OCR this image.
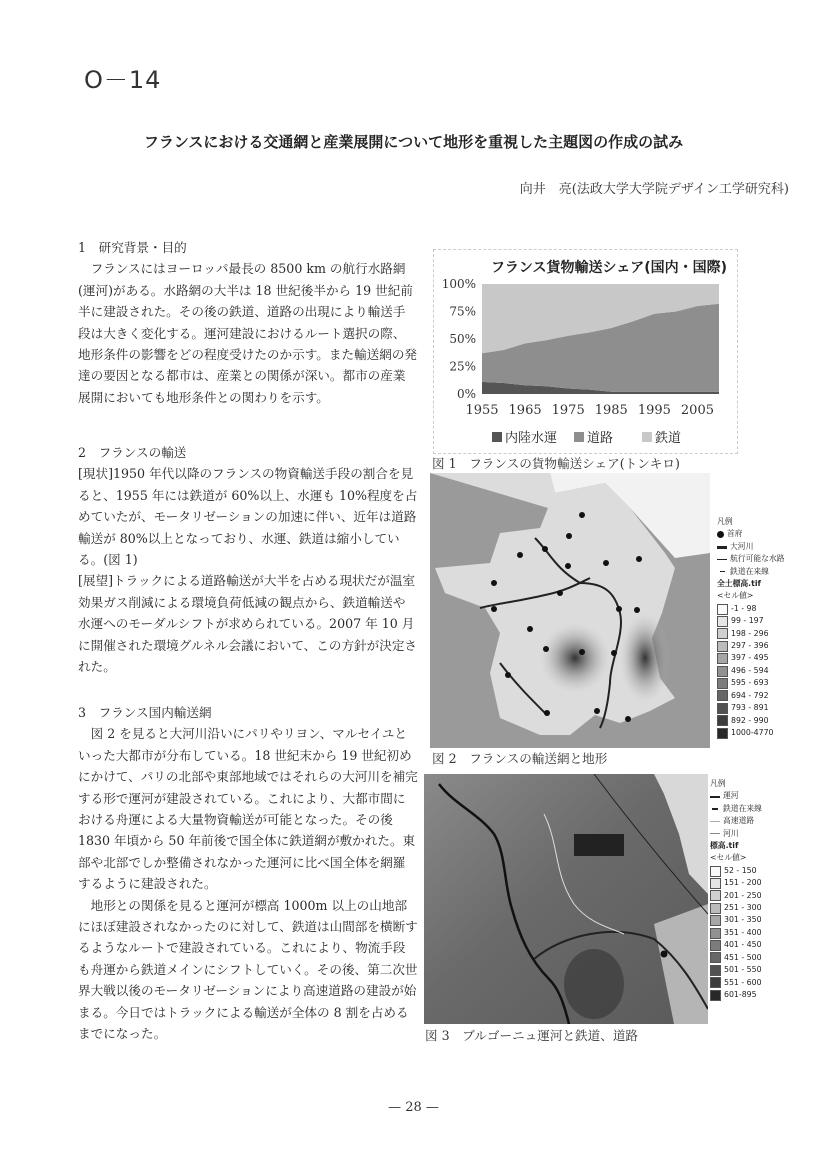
O－14
フランスにおける交通網と産業展開について地形を重視した主題図の作成の試み
向井　亮(法政大学大学院デザイン工学研究科)
1　研究背景・目的

フランスにはヨーロッパ最長の 8500 km の航行水路網(運河)がある。水路網の大半は 18 世紀後半から 19 世紀前半に建設された。その後の鉄道、道路の出現により輸送手段は大きく変化する。運河建設におけるルート選択の際、地形条件の影響をどの程度受けたのか示す。また輸送網の発達の要因となる都市は、産業との関係が深い。都市の産業展開においても地形条件との関わりを示す。

2　フランスの輸送

[現状]1950 年代以降のフランスの物資輸送手段の割合を見ると、1955 年には鉄道が 60%以上、水運も 10%程度を占めていたが、モータリゼーションの加速に伴い、近年は道路輸送が 80%以上となっており、水運、鉄道は縮小している。(図 1)

[展望]トラックによる道路輸送が大半を占める現状だが温室効果ガス削減による環境負荷低減の観点から、鉄道輸送や水運へのモーダルシフトが求められている。2007 年 10 月に開催された環境グルネル会議において、この方針が決定された。

3　フランス国内輸送網

図 2 を見ると大河川沿いにパリやリヨン、マルセイユといった大都市が分布している。18 世紀末から 19 世紀初めにかけて、パリの北部や東部地域ではそれらの大河川を補完する形で運河が建設されている。これにより、大都市間における舟運による大量物資輸送が可能となった。その後 1830 年頃から 50 年前後で国全体に鉄道網が敷かれた。東部や北部でしか整備されなかった運河に比べ国全体を網羅するように建設された。

地形との関係を見ると運河が標高 1000m 以上の山地部にほぼ建設されなかったのに対して、鉄道は山間部を横断するようなルートで建設されている。これにより、物流手段も舟運から鉄道メインにシフトしていく。その後、第二次世界大戦以後のモータリゼーションにより高速道路の建設が始まる。今日ではトラックによる輸送が全体の 8 割を占めるまでになった。

フランス貨物輸送シェア(国内・国際)
0%
25%
50%
75%
100%
1955 1965 1975 1985 1995 2005
内陸水運 道路	鉄道
図 1　フランスの貨物輸送シェア(トンキロ)
凡例
首府
大河川
航行可能な水路
鉄道在来線
全土標高.tif
<セル値>
-1 - 98
99 - 197
198 - 296
297 - 396
397 - 495
496 - 594
595 - 693
694 - 792
793 - 891
892 - 990
1000-4770
図 2　フランスの輸送網と地形
凡例
運河
鉄道在来線
高速道路
河川
標高.tif
<セル値>
52 - 150
151 - 200
201 - 250
251 - 300
301 - 350
351 - 400
401 - 450
451 - 500
501 - 550
551 - 600
601-895
図 3　ブルゴーニュ運河と鉄道、道路
— 28 —
